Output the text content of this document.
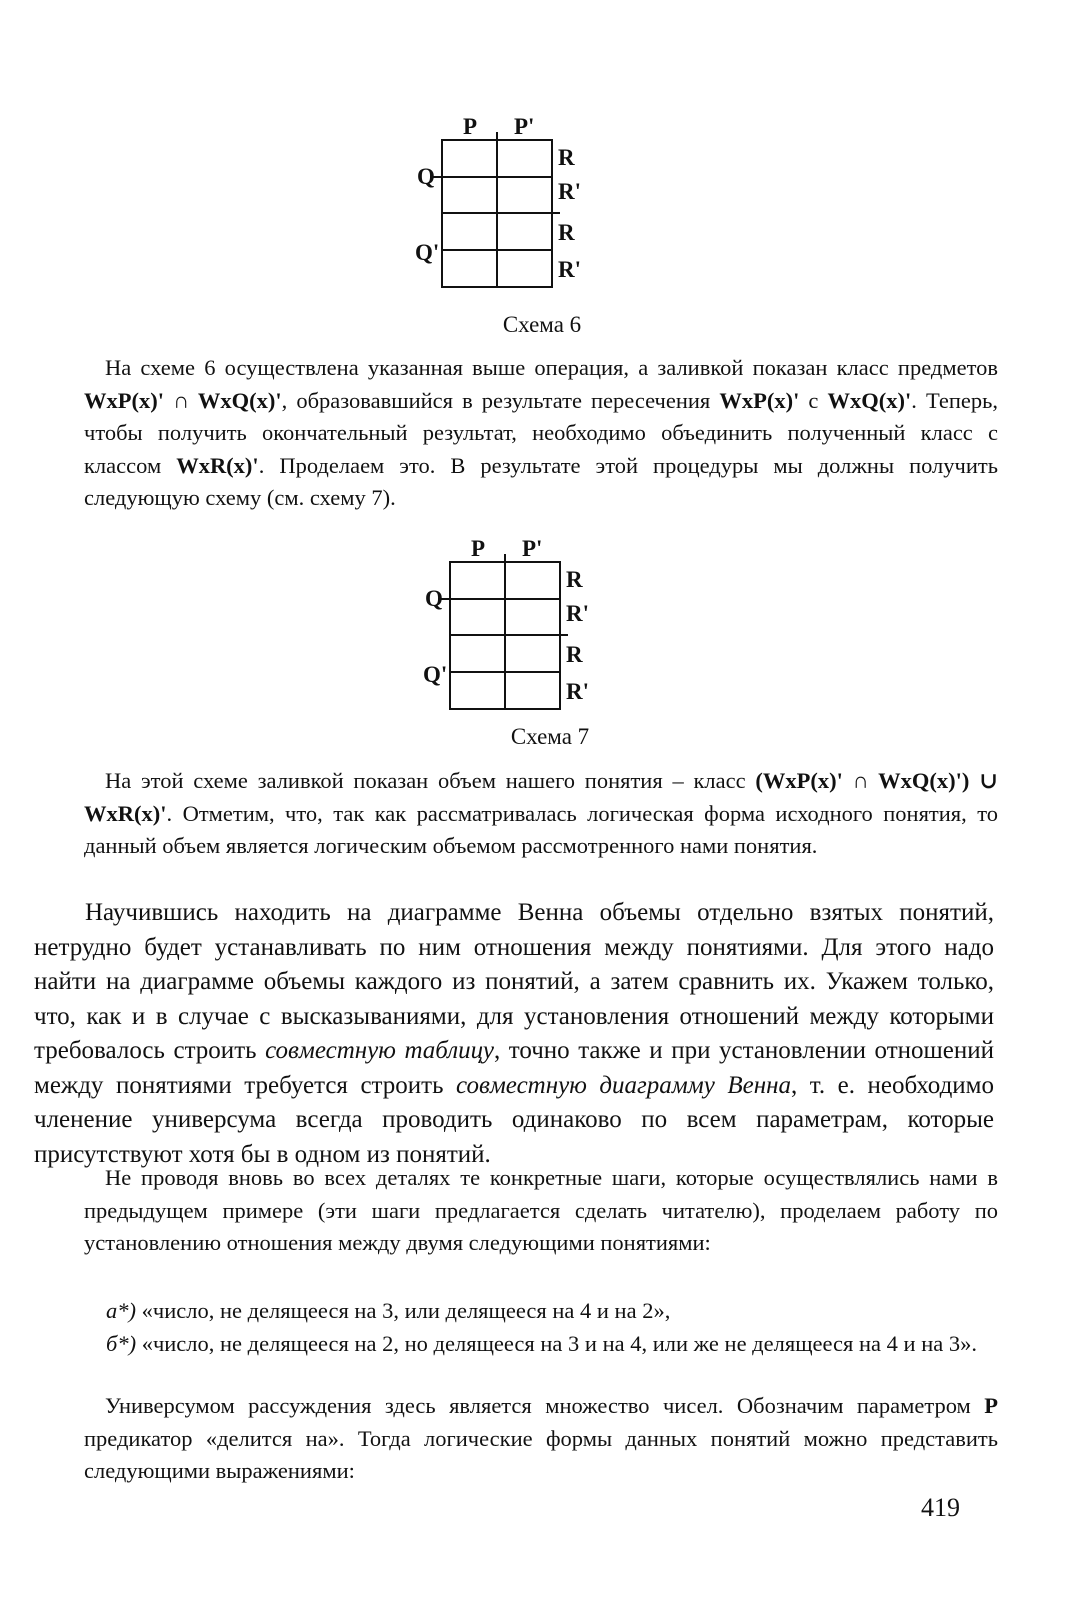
P P'
Q
Q'
R
R'
R
R'
Схема 6

На схеме 6 осуществлена указанная выше операция, а заливкой показан класс предметов WxP(x)' ∩ WxQ(x)', образовавшийся в результате пересечения WxP(x)' с WxQ(x)'. Теперь, чтобы получить окончательный результат, необходимо объединить полученный класс с классом WxR(x)'. Проделаем это. В результате этой процедуры мы должны получить следующую схему (см. схему 7).

P P'
Q
Q'
R
R'
R
R'
Схема 7

На этой схеме заливкой показан объем нашего понятия – класс (WxP(x)' ∩ WxQ(x)') ∪ WxR(x)'. Отметим, что, так как рассматривалась логическая форма исходного понятия, то данный объем является логическим объемом рассмотренного нами понятия.

Научившись находить на диаграмме Венна объемы отдельно взятых понятий, нетрудно будет устанавливать по ним отношения между понятиями. Для этого надо найти на диаграмме объемы каждого из понятий, а затем сравнить их. Укажем только, что, как и в случае с высказываниями, для установления отношений между которыми требовалось строить совместную таблицу, точно также и при установлении отношений между понятиями требуется строить совместную диаграмму Венна, т. е. необходимо членение универсума всегда проводить одинаково по всем параметрам, которые присутствуют хотя бы в одном из понятий.

Не проводя вновь во всех деталях те конкретные шаги, которые осуществлялись нами в предыдущем примере (эти шаги предлагается сделать читателю), проделаем работу по установлению отношения между двумя следующими понятиями:

а*) «число, не делящееся на 3, или делящееся на 4 и на 2»,
б*) «число, не делящееся на 2, но делящееся на 3 и на 4, или же не делящееся на 4 и на 3».

Универсумом рассуждения здесь является множество чисел. Обозначим параметром P предикатор «делится на». Тогда логические формы данных понятий можно представить следующими выражениями:

419
